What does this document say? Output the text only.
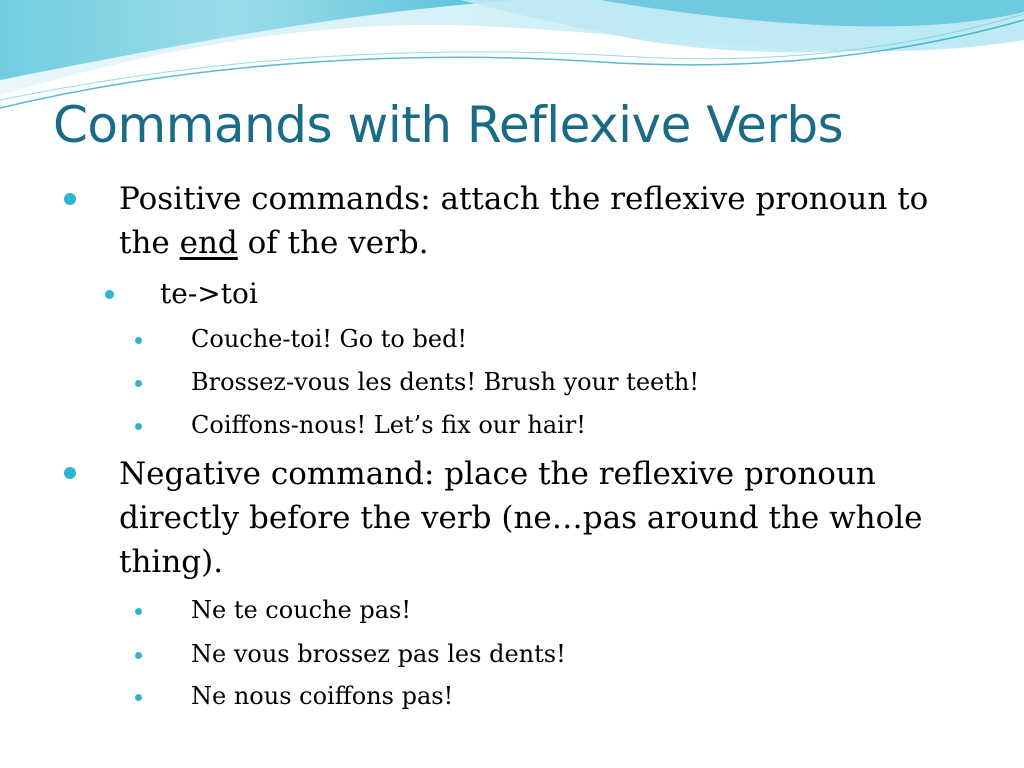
Commands with Reflexive Verbs

Positive commands: attach the reflexive pronoun to the end of the verb.

te->toi

Couche-toi! Go to bed!

Brossez-vous les dents! Brush your teeth!

Coiffons-nous! Let’s fix our hair!

Negative command: place the reflexive pronoun directly before the verb (ne…pas around the whole thing).

Ne te couche pas!

Ne vous brossez pas les dents!

Ne nous coiffons pas!
